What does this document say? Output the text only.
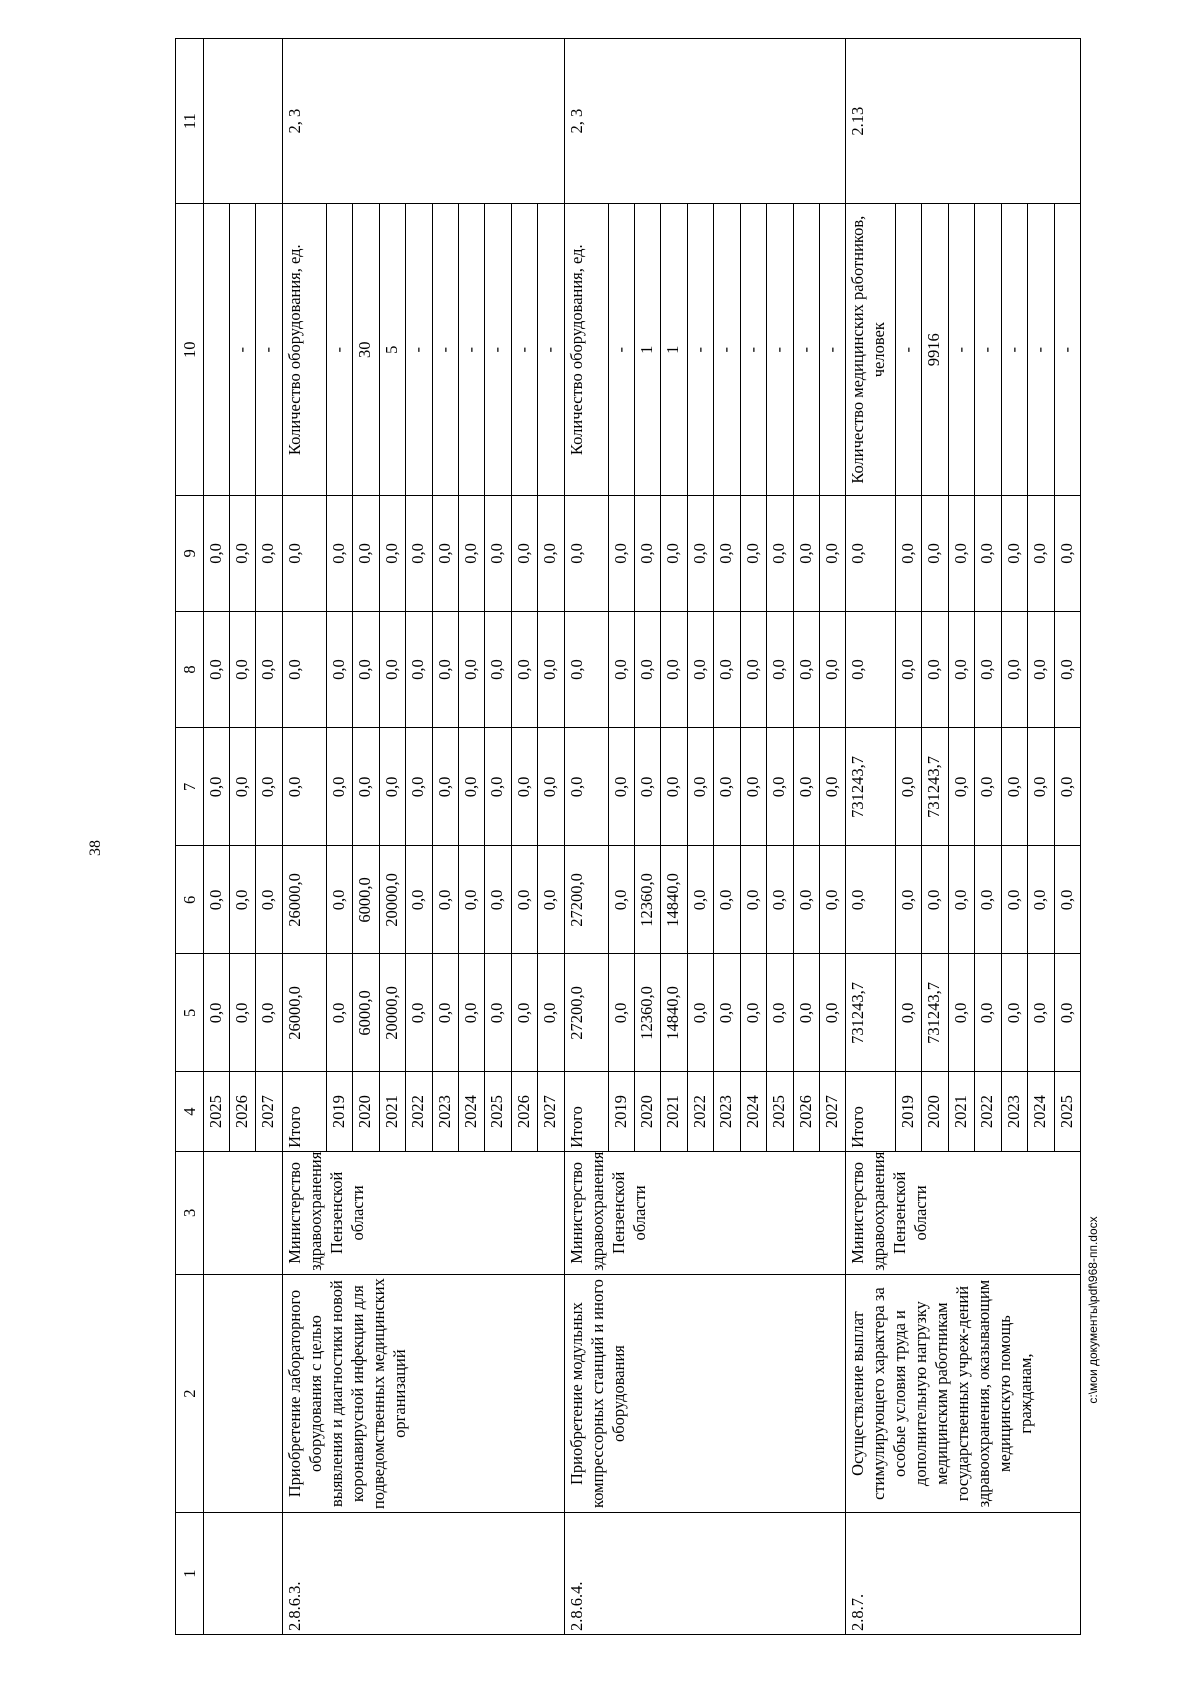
38
1	2	3	4	5	6	7	8	9	10	11
			2025	0,0	0,0	0,0	0,0	0,0		
			2026	0,0	0,0	0,0	0,0	0,0	-	
			2027	0,0	0,0	0,0	0,0	0,0	-	
2.8.6.3.	Приобретение лабораторного оборудования с целью выявления и диагностики новой коронавирусной инфекции для подведомственных медицинских организаций	Министерство здравоохранения Пензенской области	Итого	26000,0	26000,0	0,0	0,0	0,0	Количество оборудования, ед.	2, 3
			2019	0,0	0,0	0,0	0,0	0,0	-	
			2020	6000,0	6000,0	0,0	0,0	0,0	30	
			2021	20000,0	20000,0	0,0	0,0	0,0	5	
			2022	0,0	0,0	0,0	0,0	0,0	-	
			2023	0,0	0,0	0,0	0,0	0,0	-	
			2024	0,0	0,0	0,0	0,0	0,0	-	
			2025	0,0	0,0	0,0	0,0	0,0	-	
			2026	0,0	0,0	0,0	0,0	0,0	-	
			2027	0,0	0,0	0,0	0,0	0,0	-	
2.8.6.4.	Приобретение модульных компрессорных станций и иного оборудования	Министерство здравоохранения Пензенской области	Итого	27200,0	27200,0	0,0	0,0	0,0	Количество оборудования, ед.	2, 3
			2019	0,0	0,0	0,0	0,0	0,0	-	
			2020	12360,0	12360,0	0,0	0,0	0,0	1	
			2021	14840,0	14840,0	0,0	0,0	0,0	1	
			2022	0,0	0,0	0,0	0,0	0,0	-	
			2023	0,0	0,0	0,0	0,0	0,0	-	
			2024	0,0	0,0	0,0	0,0	0,0	-	
			2025	0,0	0,0	0,0	0,0	0,0	-	
			2026	0,0	0,0	0,0	0,0	0,0	-	
			2027	0,0	0,0	0,0	0,0	0,0	-	
2.8.7.	Осуществление выплат стимулирующего характера за особые условия труда и дополнительную нагрузку медицинским работникам государственных учреж-дений здравоохранения, оказывающим медицинскую помощь гражданам,	Министерство здравоохранения Пензенской области	Итого	731243,7	0,0	731243,7	0,0	0,0	Количество медицинских работников, человек	2.13
			2019	0,0	0,0	0,0	0,0	0,0	-	
			2020	731243,7	0,0	731243,7	0,0	0,0	9916	
			2021	0,0	0,0	0,0	0,0	0,0	-	
			2022	0,0	0,0	0,0	0,0	0,0	-	
			2023	0,0	0,0	0,0	0,0	0,0	-	
			2024	0,0	0,0	0,0	0,0	0,0	-	
			2025	0,0	0,0	0,0	0,0	0,0	-	
c:\мои документы\pdf\968-пп.docx
